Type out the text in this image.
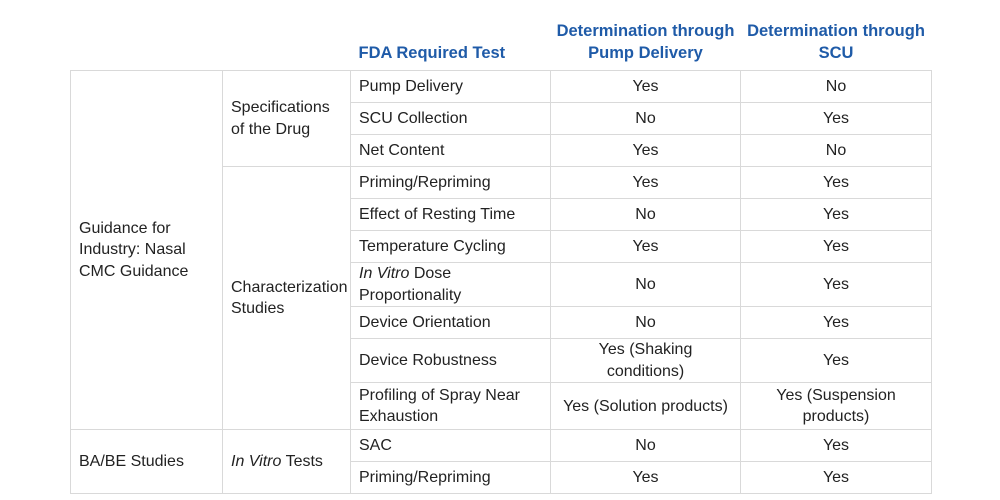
		FDA Required Test	Determination through Pump Delivery	Determination through SCU
Guidance for Industry: Nasal CMC Guidance	Specifications of the Drug	Pump Delivery	Yes	No
		SCU Collection	No	Yes
		Net Content	Yes	No
	Characterization Studies	Priming/Repriming	Yes	Yes
		Effect of Resting Time	No	Yes
		Temperature Cycling	Yes	Yes
		In Vitro Dose Proportionality	No	Yes
		Device Orientation	No	Yes
		Device Robustness	Yes (Shaking conditions)	Yes
		Profiling of Spray Near Exhaustion	Yes (Solution products)	Yes (Suspension products)
BA/BE Studies	In Vitro Tests	SAC	No	Yes
		Priming/Repriming	Yes	Yes
